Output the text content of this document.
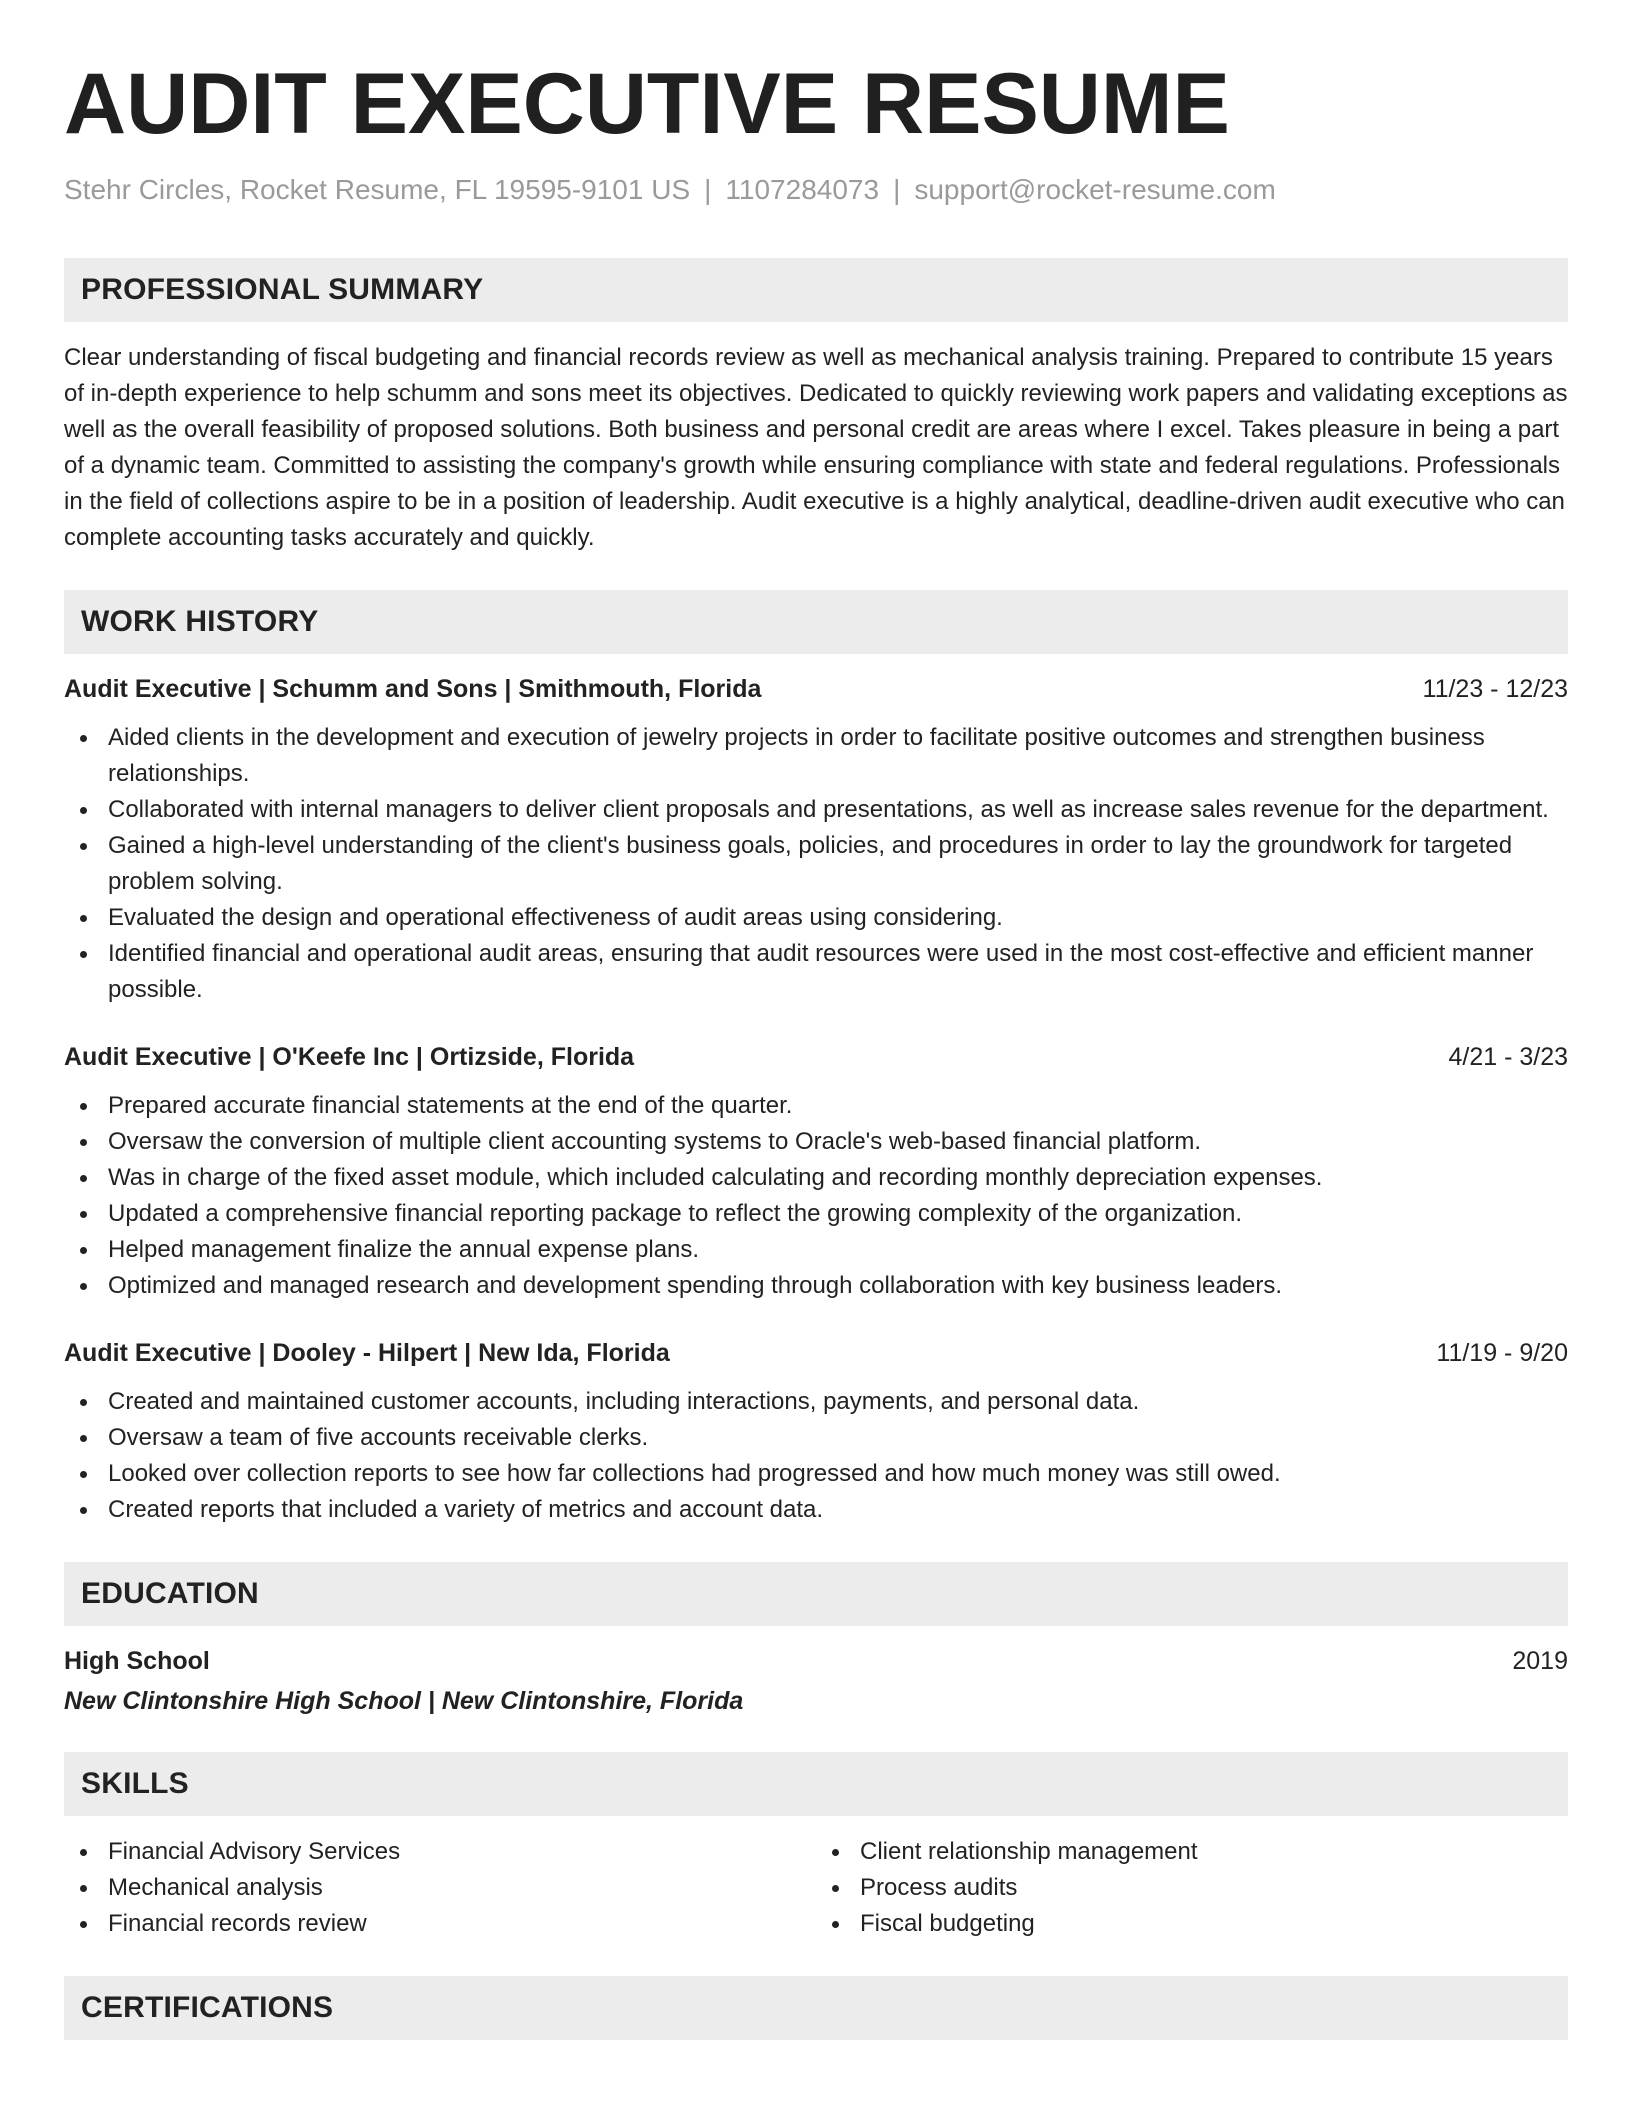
AUDIT EXECUTIVE RESUME
Stehr Circles, Rocket Resume, FL 19595-9101 US | 1107284073 | support@rocket-resume.com
PROFESSIONAL SUMMARY

Clear understanding of fiscal budgeting and financial records review as well as mechanical analysis training. Prepared to contribute 15 years of in-depth experience to help schumm and sons meet its objectives. Dedicated to quickly reviewing work papers and validating exceptions as well as the overall feasibility of proposed solutions. Both business and personal credit are areas where I excel. Takes pleasure in being a part of a dynamic team. Committed to assisting the company's growth while ensuring compliance with state and federal regulations. Professionals in the field of collections aspire to be in a position of leadership. Audit executive is a highly analytical, deadline-driven audit executive who can complete accounting tasks accurately and quickly.

WORK HISTORY
Audit Executive | Schumm and Sons | Smithmouth, Florida	11/23 - 12/23
Aided clients in the development and execution of jewelry projects in order to facilitate positive outcomes and strengthen business relationships.
Collaborated with internal managers to deliver client proposals and presentations, as well as increase sales revenue for the department.
Gained a high-level understanding of the client's business goals, policies, and procedures in order to lay the groundwork for targeted problem solving.
Evaluated the design and operational effectiveness of audit areas using considering.
Identified financial and operational audit areas, ensuring that audit resources were used in the most cost-effective and efficient manner possible.
Audit Executive | O'Keefe Inc | Ortizside, Florida	4/21 - 3/23
Prepared accurate financial statements at the end of the quarter.
Oversaw the conversion of multiple client accounting systems to Oracle's web-based financial platform.
Was in charge of the fixed asset module, which included calculating and recording monthly depreciation expenses.
Updated a comprehensive financial reporting package to reflect the growing complexity of the organization.
Helped management finalize the annual expense plans.
Optimized and managed research and development spending through collaboration with key business leaders.
Audit Executive | Dooley - Hilpert | New Ida, Florida	11/19 - 9/20
Created and maintained customer accounts, including interactions, payments, and personal data.
Oversaw a team of five accounts receivable clerks.
Looked over collection reports to see how far collections had progressed and how much money was still owed.
Created reports that included a variety of metrics and account data.
EDUCATION
High School	2019
New Clintonshire High School | New Clintonshire, Florida
SKILLS
Financial Advisory Services
Mechanical analysis
Financial records review
Client relationship management
Process audits
Fiscal budgeting
CERTIFICATIONS
